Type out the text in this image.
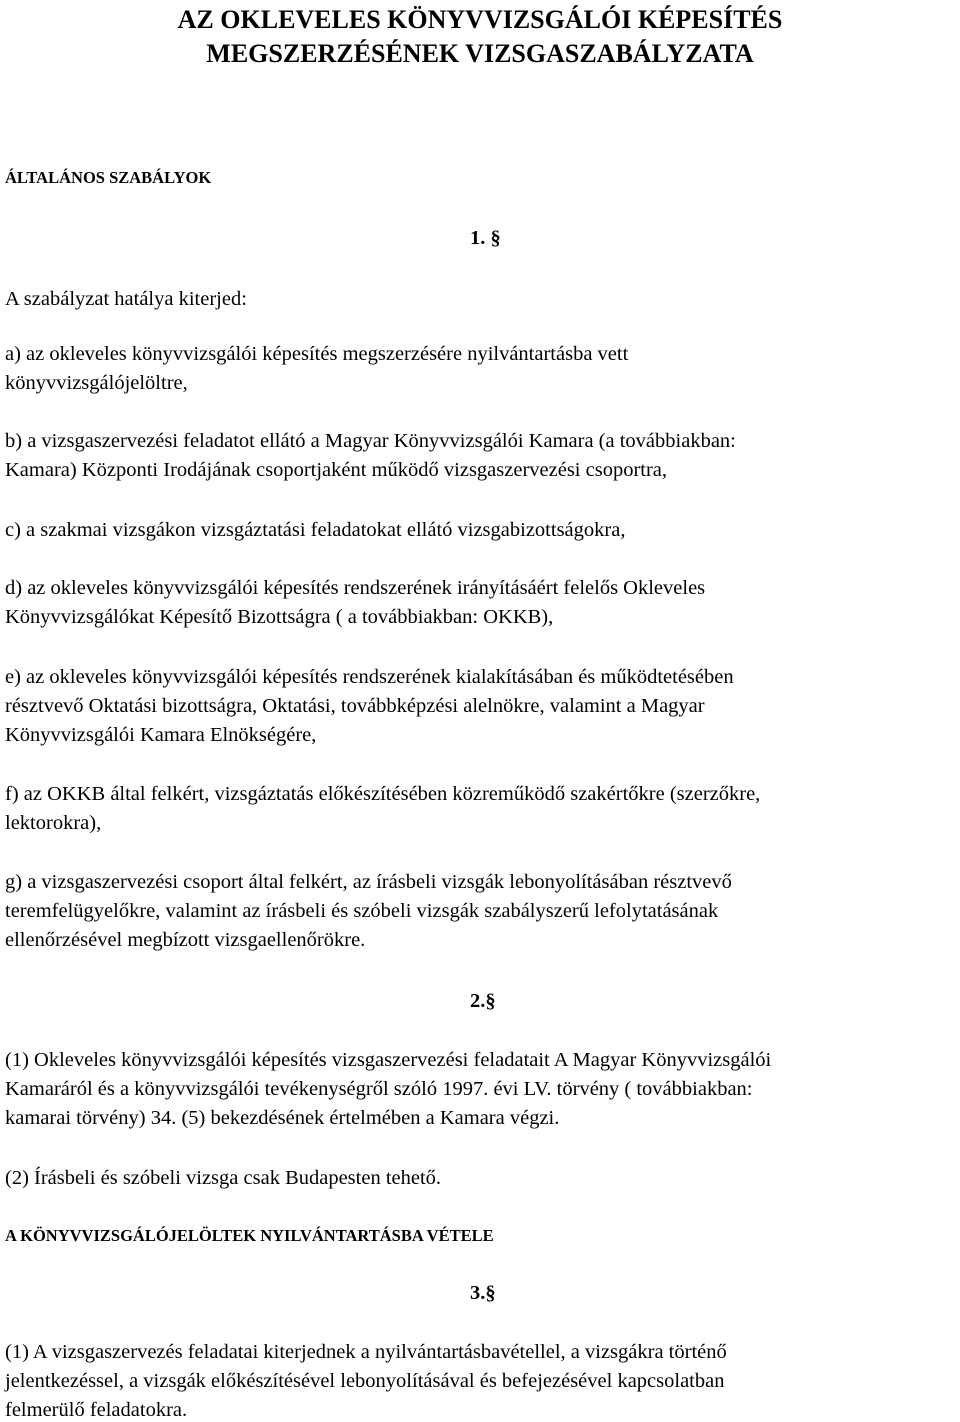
AZ OKLEVELES KÖNYVVIZSGÁLÓI KÉPESÍTÉS
MEGSZERZÉSÉNEK VIZSGASZABÁLYZATA
ÁLTALÁNOS SZABÁLYOK
1. §
A szabályzat hatálya kiterjed:
a) az okleveles könyvvizsgálói képesítés megszerzésére nyilvántartásba vett
könyvvizsgálójelöltre,
b) a vizsgaszervezési feladatot ellátó a Magyar Könyvvizsgálói Kamara (a továbbiakban:
Kamara) Központi Irodájának csoportjaként működő vizsgaszervezési csoportra,
c) a szakmai vizsgákon vizsgáztatási feladatokat ellátó vizsgabizottságokra,
d) az okleveles könyvvizsgálói képesítés rendszerének irányításáért felelős Okleveles
Könyvvizsgálókat Képesítő Bizottságra ( a továbbiakban: OKKB),
e) az okleveles könyvvizsgálói képesítés rendszerének kialakításában és működtetésében
résztvevő Oktatási bizottságra, Oktatási, továbbképzési alelnökre, valamint a Magyar
Könyvvizsgálói Kamara Elnökségére,
f) az OKKB által felkért, vizsgáztatás előkészítésében közreműködő szakértőkre (szerzőkre,
lektorokra),
g) a vizsgaszervezési csoport által felkért, az írásbeli vizsgák lebonyolításában résztvevő
teremfelügyelőkre, valamint az írásbeli és szóbeli vizsgák szabályszerű lefolytatásának
ellenőrzésével megbízott vizsgaellenőrökre.
2.§
(1) Okleveles könyvvizsgálói képesítés vizsgaszervezési feladatait A Magyar Könyvvizsgálói
Kamaráról és a könyvvizsgálói tevékenységről szóló 1997. évi LV. törvény ( továbbiakban:
kamarai törvény) 34. (5) bekezdésének értelmében a Kamara végzi.
(2) Írásbeli és szóbeli vizsga csak Budapesten tehető.
A KÖNYVVIZSGÁLÓJELÖLTEK NYILVÁNTARTÁSBA VÉTELE
3.§
(1) A vizsgaszervezés feladatai kiterjednek a nyilvántartásbavétellel, a vizsgákra történő
jelentkezéssel, a vizsgák előkészítésével lebonyolításával és befejezésével kapcsolatban
felmerülő feladatokra.
